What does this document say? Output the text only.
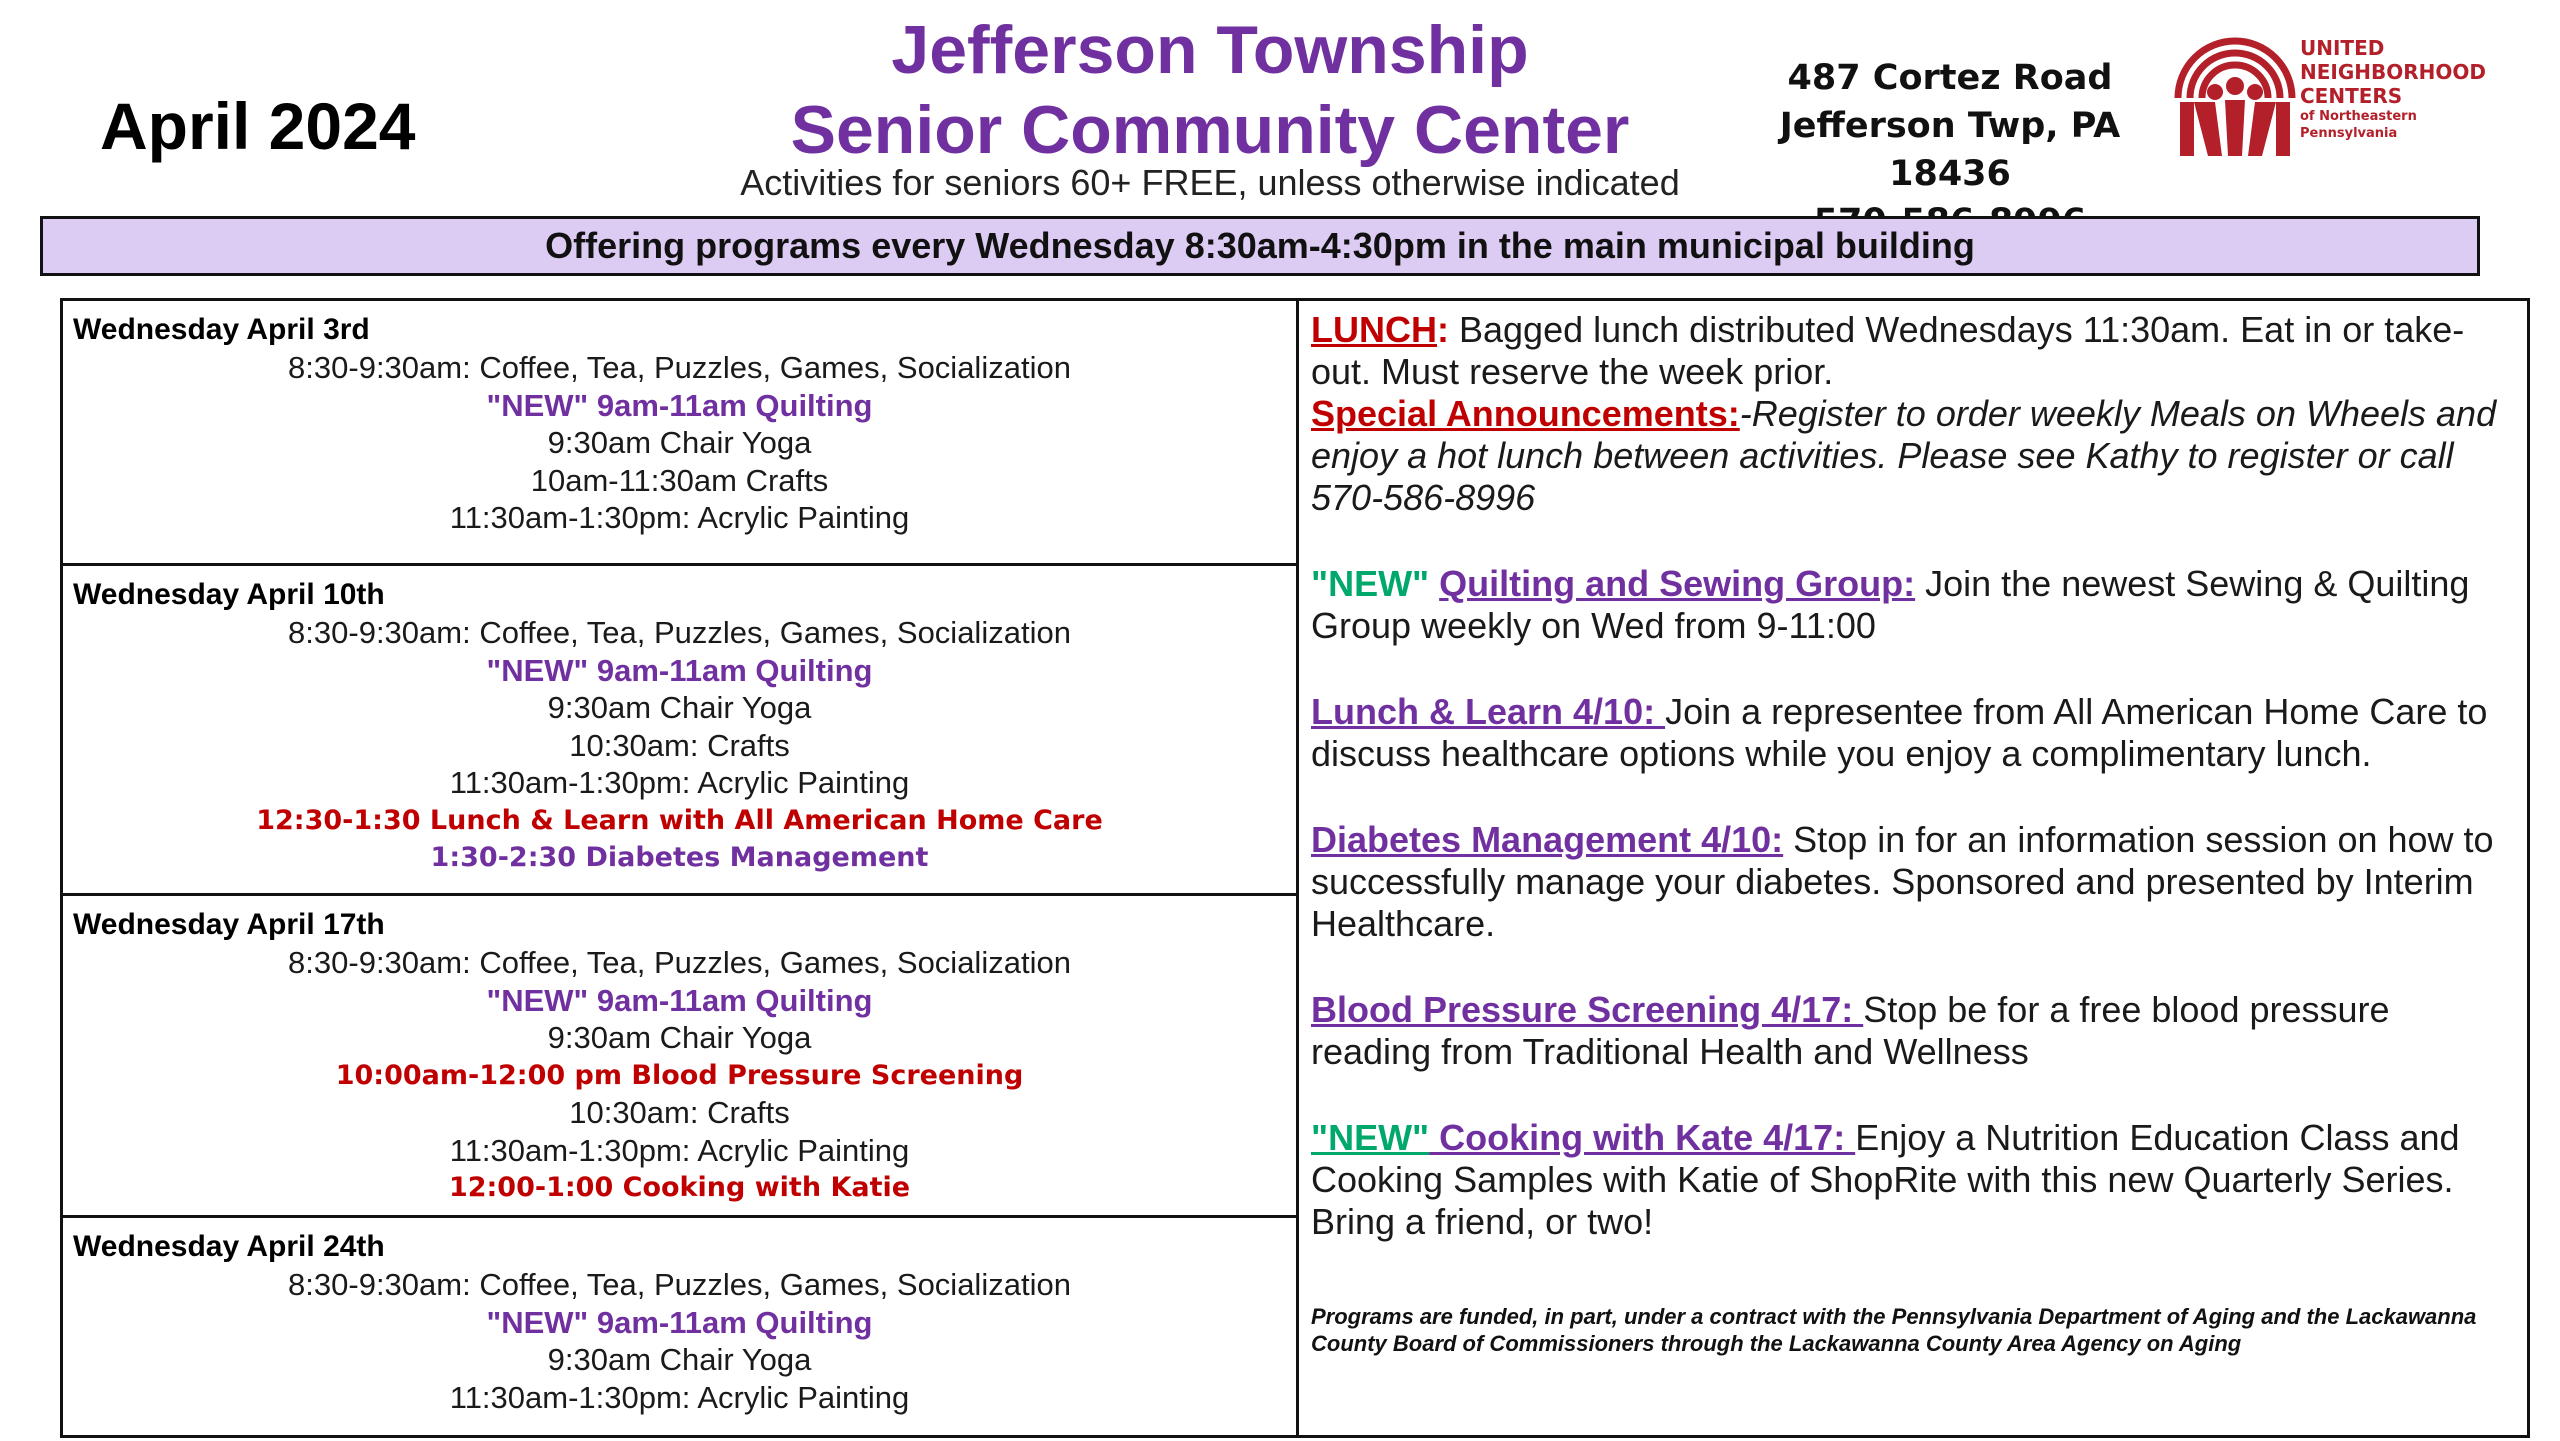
April 2024
Jefferson Township
Senior Community Center
Activities for seniors 60+ FREE, unless otherwise indicated
487 Cortez Road
Jefferson Twp, PA 18436
UNITED
NEIGHBORHOOD
CENTERS
of Northeastern
Pennsylvania
Offering programs every Wednesday 8:30am-4:30pm in the main municipal building
Wednesday April 3rd
8:30-9:30am: Coffee, Tea, Puzzles, Games, Socialization
"NEW" 9am-11am Quilting
9:30am Chair Yoga
10am-11:30am Crafts
11:30am-1:30pm: Acrylic Painting
Wednesday April 10th
8:30-9:30am: Coffee, Tea, Puzzles, Games, Socialization
"NEW" 9am-11am Quilting
9:30am Chair Yoga
10:30am: Crafts
11:30am-1:30pm: Acrylic Painting
12:30-1:30 Lunch & Learn with All American Home Care
1:30-2:30 Diabetes Management
Wednesday April 17th
8:30-9:30am: Coffee, Tea, Puzzles, Games, Socialization
"NEW" 9am-11am Quilting
9:30am Chair Yoga
10:00am-12:00 pm Blood Pressure Screening
10:30am: Crafts
11:30am-1:30pm: Acrylic Painting
12:00-1:00 Cooking with Katie
Wednesday April 24th
8:30-9:30am: Coffee, Tea, Puzzles, Games, Socialization
"NEW" 9am-11am Quilting
9:30am Chair Yoga
11:30am-1:30pm: Acrylic Painting

LUNCH: Bagged lunch distributed Wednesdays 11:30am. Eat in or take-out. Must reserve the week prior.

Special Announcements:-Register to order weekly Meals on Wheels and enjoy a hot lunch between activities. Please see Kathy to register or call 570-586-8996

"NEW" Quilting and Sewing Group: Join the newest Sewing & Quilting Group weekly on Wed from 9-11:00

Lunch & Learn 4/10: Join a representee from All American Home Care to discuss healthcare options while you enjoy a complimentary lunch.

Diabetes Management 4/10: Stop in for an information session on how to successfully manage your diabetes. Sponsored and presented by Interim Healthcare.

Blood Pressure Screening 4/17: Stop be for a free blood pressure reading from Traditional Health and Wellness

"NEW" Cooking with Kate 4/17: Enjoy a Nutrition Education Class and Cooking Samples with Katie of ShopRite with this new Quarterly Series. Bring a friend, or two!

Programs are funded, in part, under a contract with the Pennsylvania Department of Aging and the Lackawanna County Board of Commissioners through the Lackawanna County Area Agency on Aging
